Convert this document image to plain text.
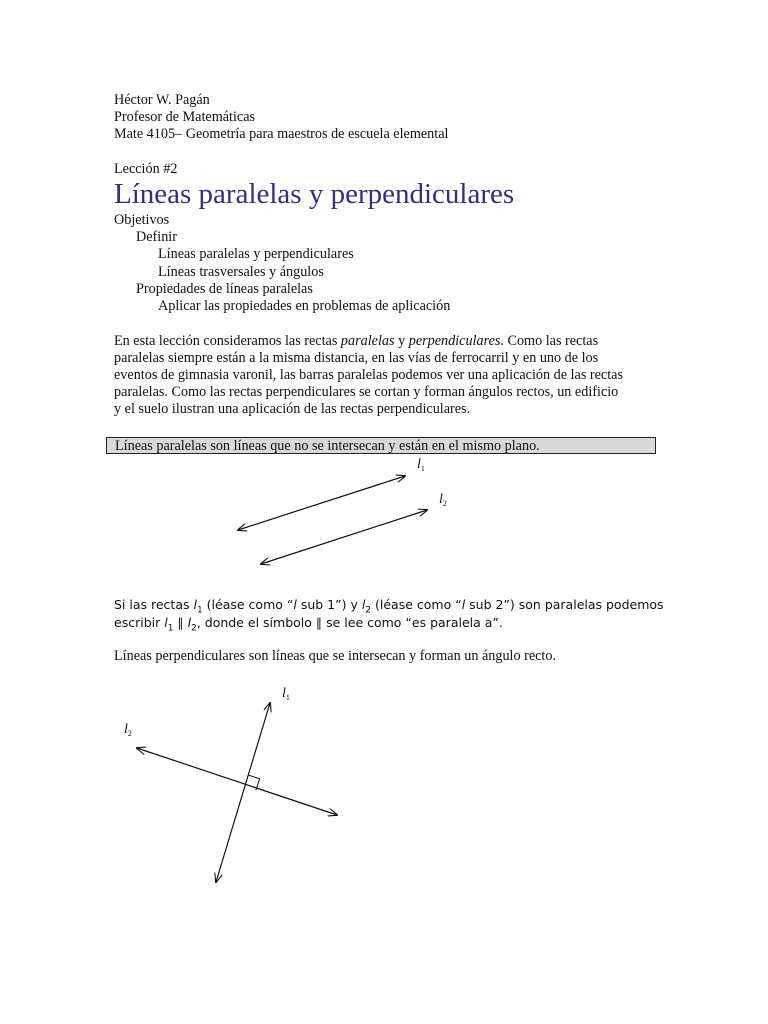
Héctor W. Pagán
Profesor de Matemáticas
Mate 4105– Geometría para maestros de escuela elemental
Lección #2
Líneas paralelas y perpendiculares
Objetivos
Definir
Líneas paralelas y perpendiculares
Líneas trasversales y ángulos
Propiedades de líneas paralelas
Aplicar las propiedades en problemas de aplicación
En esta lección consideramos las rectas paralelas y perpendiculares. Como las rectas
paralelas siempre están a la misma distancia, en las vías de ferrocarril y en uno de los
eventos de gimnasia varonil, las barras paralelas podemos ver una aplicación de las rectas
paralelas. Como las rectas perpendiculares se cortan y forman ángulos rectos, un edificio
y el suelo ilustran una aplicación de las rectas perpendiculares.
Líneas paralelas son líneas que no se intersecan y están en el mismo plano.
$l_1$
$l_2$
Si las rectas $l_1$ (léase como “l sub 1”) y $l_2$ (léase como “l sub 2”) son paralelas podemos
escribir $l_1$ ∥ $l_2$, donde el símbolo ∥ se lee como “es paralela a”.
Líneas perpendiculares son líneas que se intersecan y forman un ángulo recto.
$l_1$
$l_2$
